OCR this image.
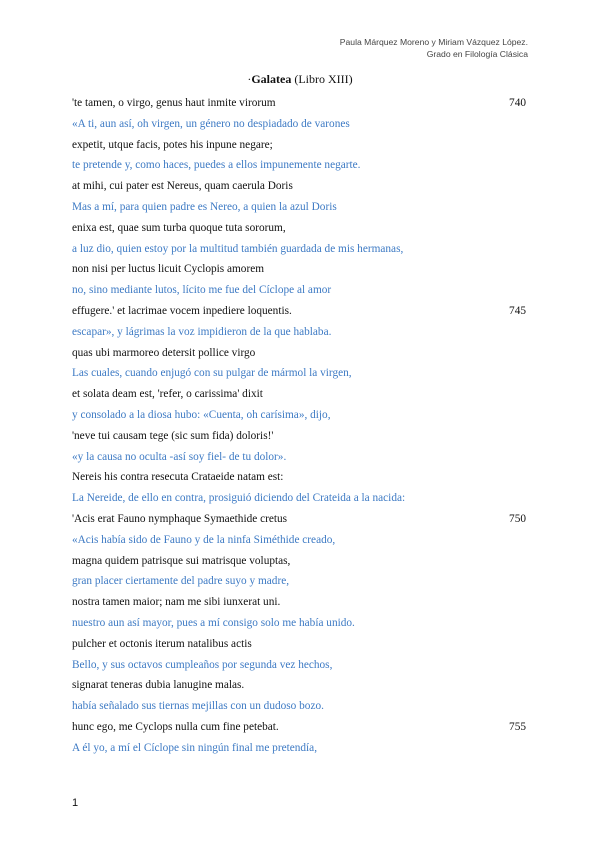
Paula Márquez Moreno y Miriam Vázquez López.
Grado en Filología Clásica
·Galatea (Libro XIII)
'te tamen, o virgo, genus haut inmite virorum	740
«A ti, aun así, oh virgen, un género no despiadado de varones
expetit, utque facis, potes his inpune negare;
te pretende y, como haces, puedes a ellos impunemente negarte.
at mihi, cui pater est Nereus, quam caerula Doris
Mas a mí, para quien padre es Nereo, a quien la azul Doris
enixa est, quae sum turba quoque tuta sororum,
a luz dio, quien estoy por la multitud también guardada de mis hermanas,
non nisi per luctus licuit Cyclopis amorem
no, sino mediante lutos, lícito me fue del Cíclope al amor
effugere.' et lacrimae vocem inpediere loquentis.	745
escapar», y lágrimas la voz impidieron de la que hablaba.
quas ubi marmoreo detersit pollice virgo
Las cuales, cuando enjugó con su pulgar de mármol la virgen,
et solata deam est, 'refer, o carissima' dixit
y consolado a la diosa hubo: «Cuenta, oh carísima», dijo,
'neve tui causam tege (sic sum fida) doloris!'
«y la causa no oculta -así soy fiel- de tu dolor».
Nereis his contra resecuta Crataeide natam est:
La Nereide, de ello en contra, prosiguió diciendo del Crateida a la nacida:
'Acis erat Fauno nymphaque Symaethide cretus	750
«Acis había sido de Fauno y de la ninfa Siméthide creado,
magna quidem patrisque sui matrisque voluptas,
gran placer ciertamente del padre suyo y madre,
nostra tamen maior; nam me sibi iunxerat uni.
nuestro aun así mayor, pues a mí consigo solo me había unido.
pulcher et octonis iterum natalibus actis
Bello, y sus octavos cumpleaños por segunda vez hechos,
signarat teneras dubia lanugine malas.
había señalado sus tiernas mejillas con un dudoso bozo.
hunc ego, me Cyclops nulla cum fine petebat.	755
A él yo, a mí el Cíclope sin ningún final me pretendía,
1
